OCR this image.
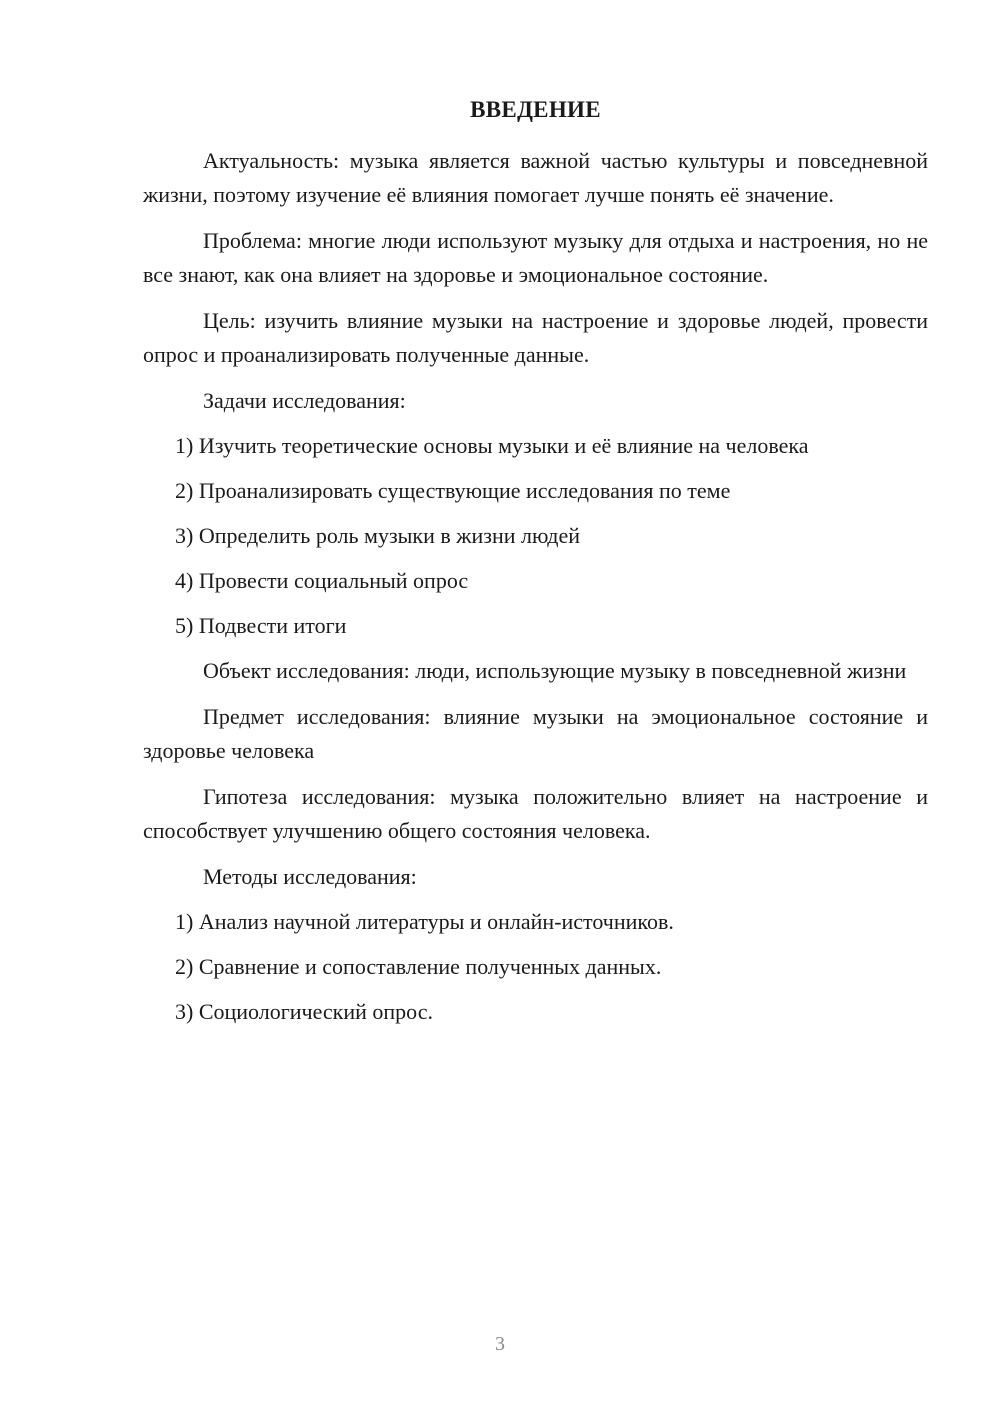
ВВЕДЕНИЕ

Актуальность: музыка является важной частью культуры и повседневной жизни, поэтому изучение её влияния помогает лучше понять её значение.

Проблема: многие люди используют музыку для отдыха и настроения, но не все знают, как она влияет на здоровье и эмоциональное состояние.

Цель: изучить влияние музыки на настроение и здоровье людей, провести опрос и проанализировать полученные данные.

Задачи исследования:

1) Изучить теоретические основы музыки и её влияние на человека
2) Проанализировать существующие исследования по теме
3) Определить роль музыки в жизни людей
4) Провести социальный опрос
5) Подвести итоги

Объект исследования: люди, использующие музыку в повседневной жизни

Предмет исследования: влияние музыки на эмоциональное состояние и здоровье человека

Гипотеза исследования: музыка положительно влияет на настроение и способствует улучшению общего состояния человека.

Методы исследования:

1) Анализ научной литературы и онлайн-источников.
2) Сравнение и сопоставление полученных данных.
3) Социологический опрос.
3
